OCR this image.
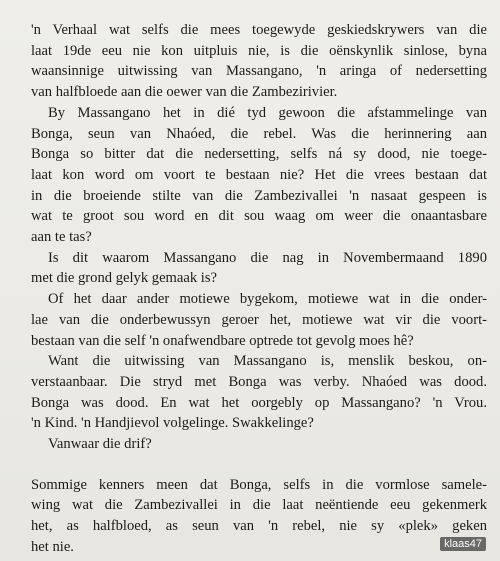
'n Verhaal wat selfs die mees toegewyde geskiedskrywers van die
laat 19de eeu nie kon uitpluis nie, is die oënskynlik sinlose, byna
waansinnige uitwissing van Massangano, 'n aringa of nedersetting
van halfbloede aan die oewer van die Zambezirivier.
By Massangano het in dié tyd gewoon die afstammelinge van
Bonga, seun van Nhaóed, die rebel. Was die herinnering aan
Bonga so bitter dat die nedersetting, selfs ná sy dood, nie toege-
laat kon word om voort te bestaan nie? Het die vrees bestaan dat
in die broeiende stilte van die Zambezivallei 'n nasaat gespeen is
wat te groot sou word en dit sou waag om weer die onaantasbare
aan te tas?
Is dit waarom Massangano die nag in Novembermaand 1890
met die grond gelyk gemaak is?
Of het daar ander motiewe bygekom, motiewe wat in die onder-
lae van die onderbewussyn geroer het, motiewe wat vir die voort-
bestaan van die self 'n onafwendbare optrede tot gevolg moes hê?
Want die uitwissing van Massangano is, menslik beskou, on-
verstaanbaar. Die stryd met Bonga was verby. Nhaóed was dood.
Bonga was dood. En wat het oorgebly op Massangano? 'n Vrou.
'n Kind. 'n Handjievol volgelinge. Swakkelinge?
Vanwaar die drif?
Sommige kenners meen dat Bonga, selfs in die vormlose samele-
wing wat die Zambezivallei in die laat neëntiende eeu gekenmerk
het, as halfbloed, as seun van 'n rebel, nie sy «plek» geken
het nie.	klaas47
